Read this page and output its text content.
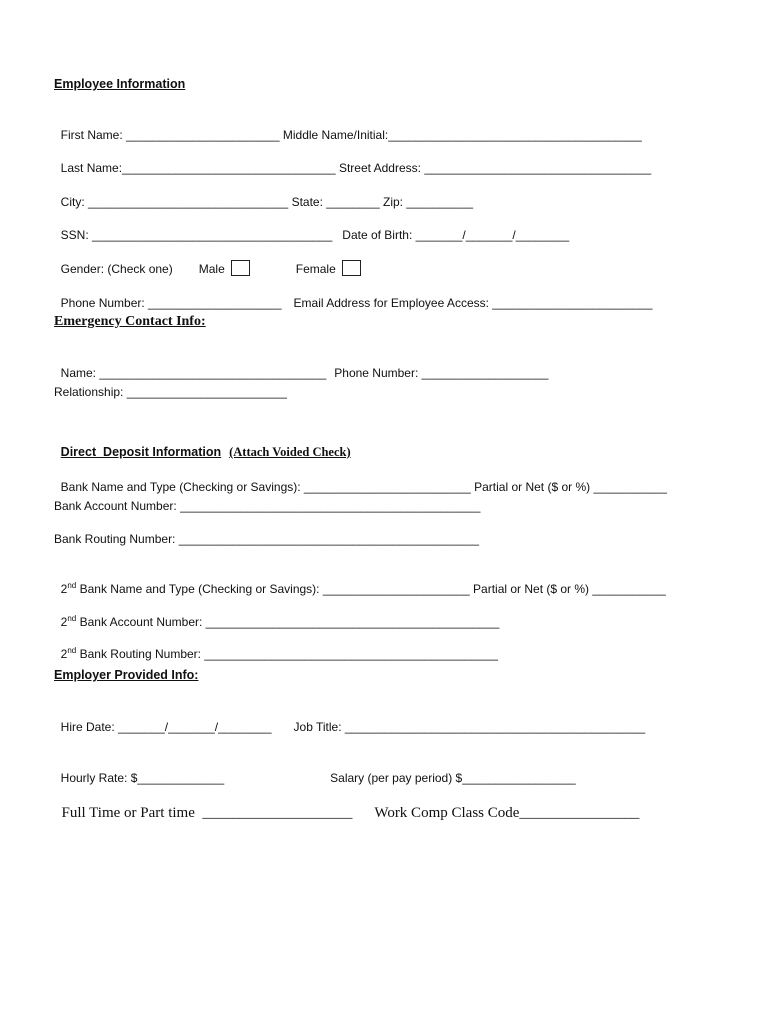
Employee Information

First Name: _______________________ Middle Name/Initial:______________________________________

Last Name:________________________________ Street Address: __________________________________

City: ______________________________ State: ________ Zip: __________

SSN: ____________________________________ Date of Birth: _______/_______/________

Gender: (Check one) Male	Female

Phone Number: ____________________ Email Address for Employee Access: ________________________

Emergency Contact Info:

Name: __________________________________ Phone Number: ___________________

Relationship: ________________________

Direct  Deposit Information (Attach Voided Check)

Bank Name and Type (Checking or Savings): _________________________ Partial or Net ($ or %) ___________

Bank Account Number: _____________________________________________
Bank Routing Number: _____________________________________________

2nd Bank Name and Type (Checking or Savings): ______________________ Partial or Net ($ or %) ___________

2nd Bank Account Number: ____________________________________________

2nd Bank Routing Number: ____________________________________________

Employer Provided Info:

Hire Date: _______/_______/________ Job Title: _____________________________________________

Hourly Rate: $_____________	Salary (per pay period) $_________________

Full Time or Part time  ____________________ Work Comp Class Code________________
